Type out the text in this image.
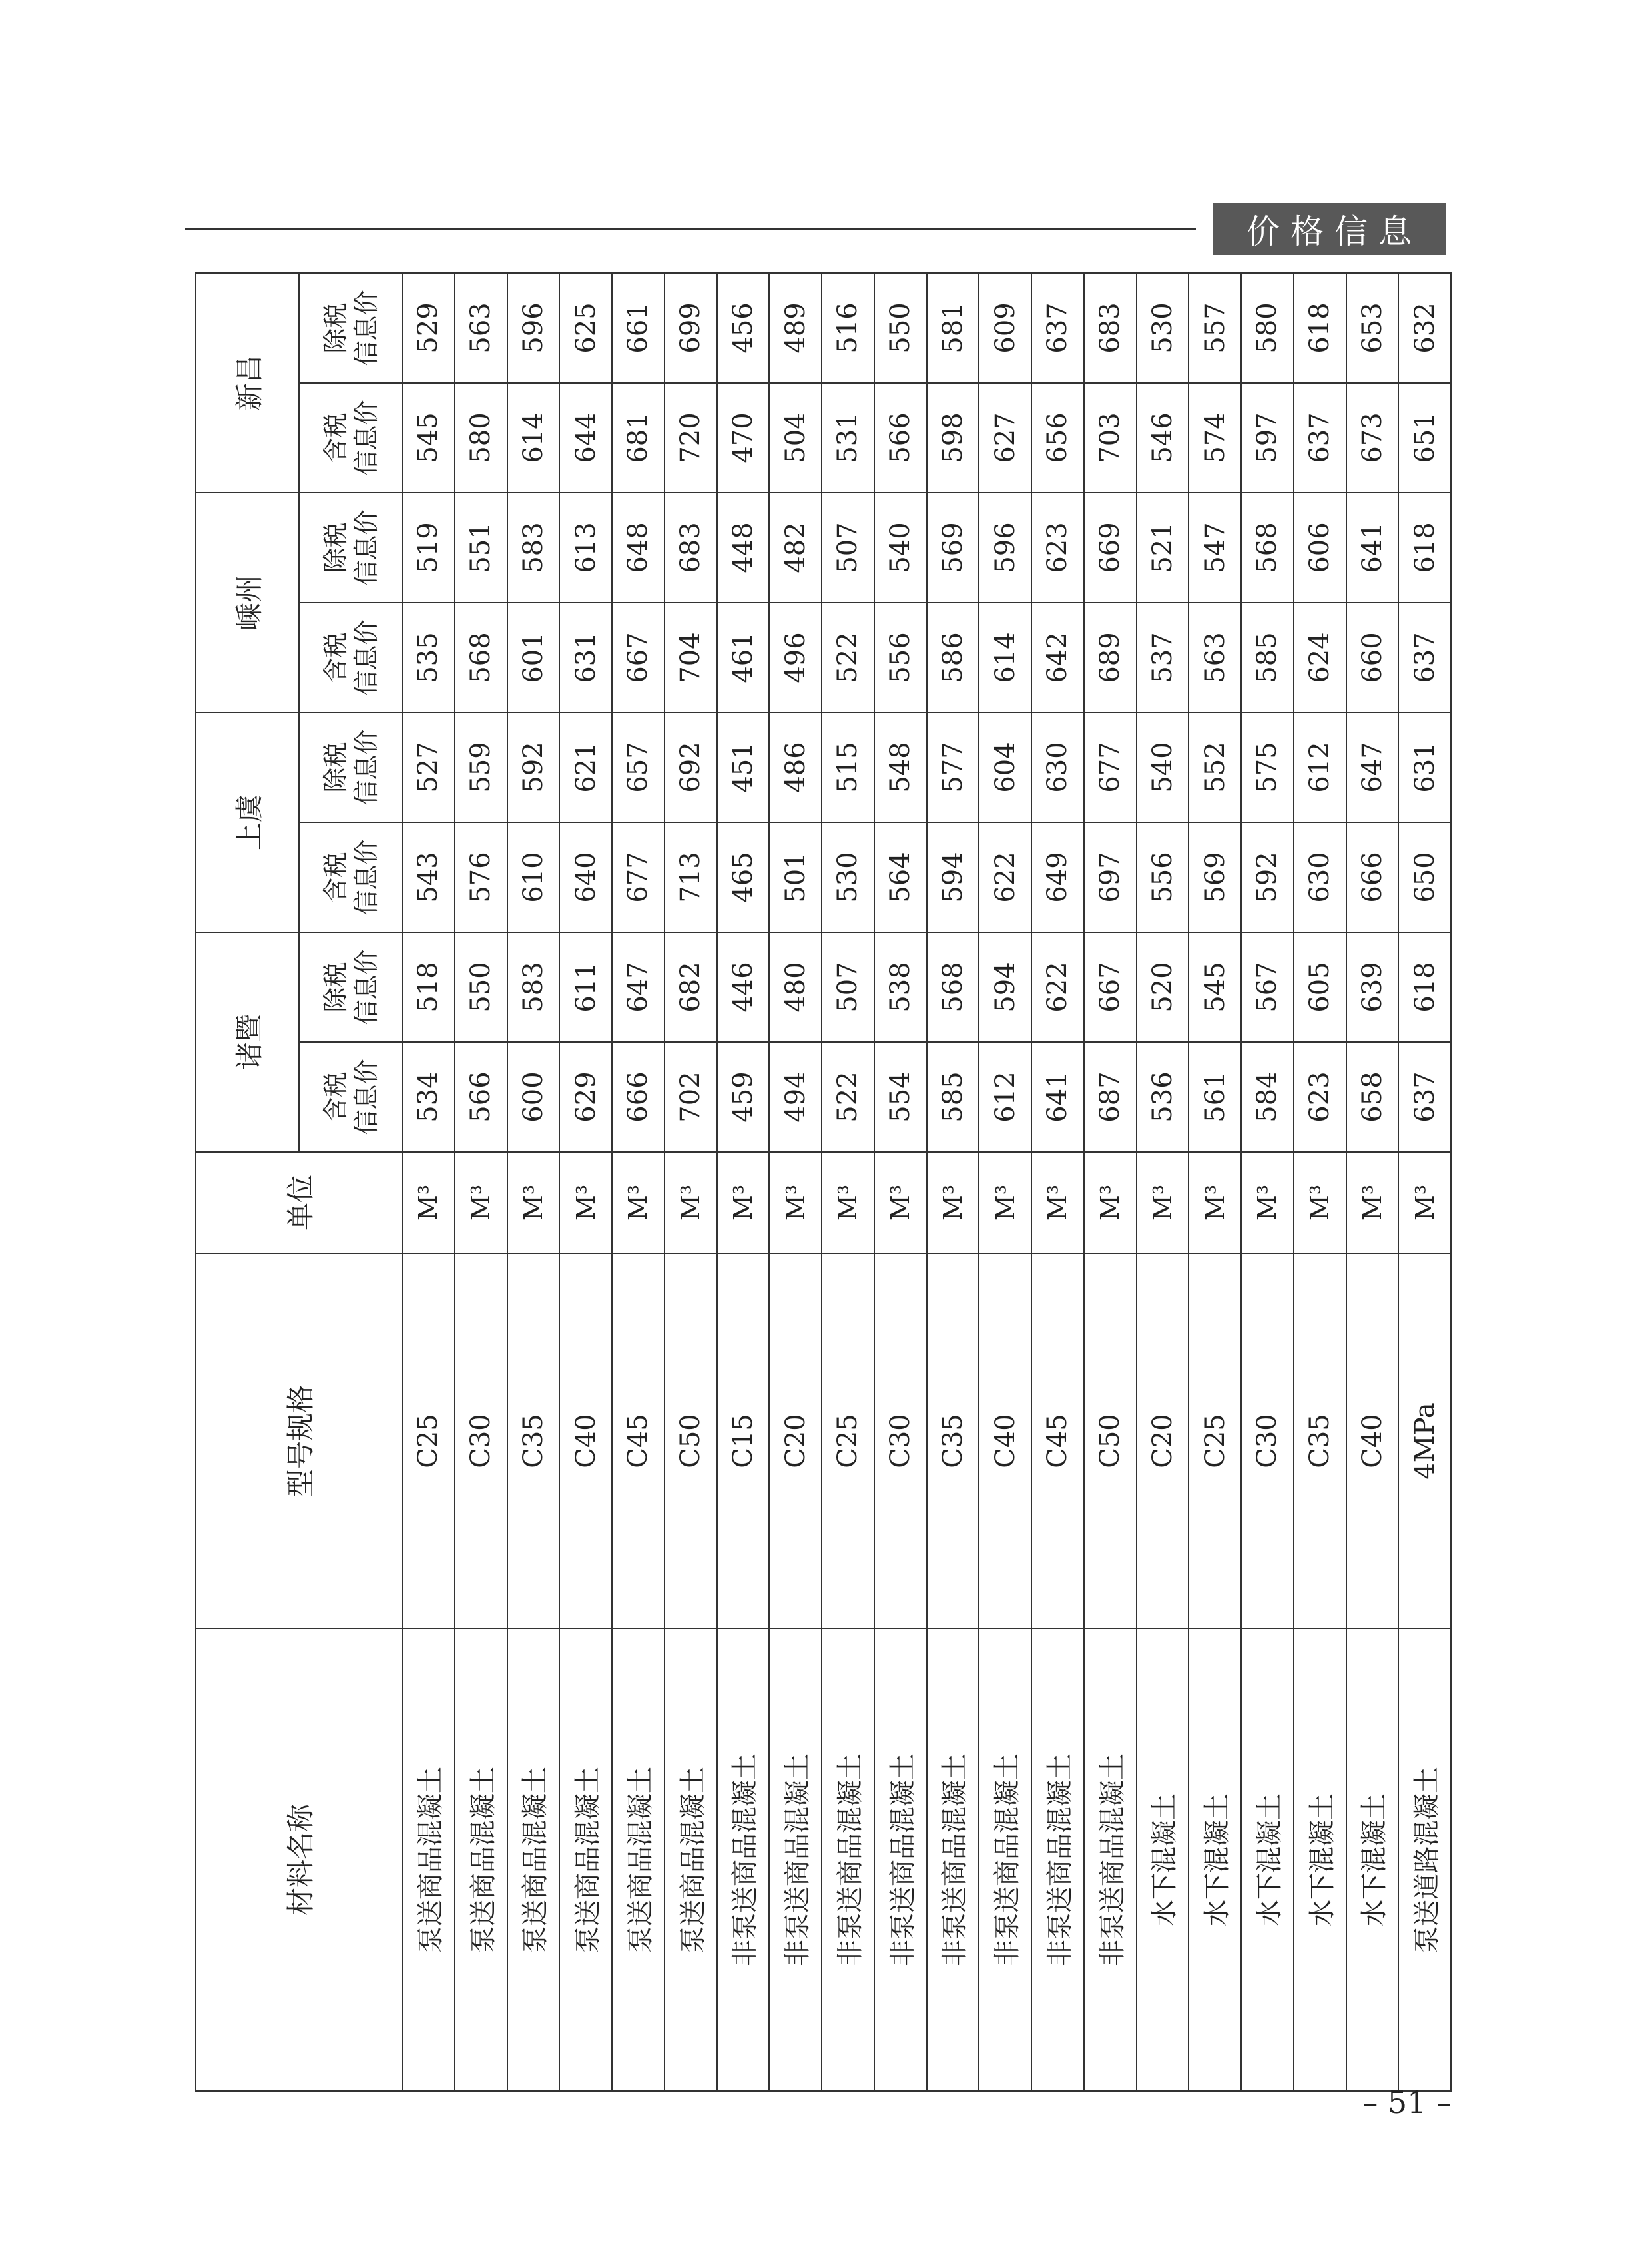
价格信息
材料名称	型号规格	单位	诸暨		上虞		嵊州		新昌	

			含税 信息价	除税 信息价	含税 信息价	除税 信息价	含税 信息价	除税 信息价	含税 信息价	除税 信息价

泵送商品混凝土	C25	M³	534	518	543	527	535	519	545	529
泵送商品混凝土	C30	M³	566	550	576	559	568	551	580	563
泵送商品混凝土	C35	M³	600	583	610	592	601	583	614	596
泵送商品混凝土	C40	M³	629	611	640	621	631	613	644	625
泵送商品混凝土	C45	M³	666	647	677	657	667	648	681	661
泵送商品混凝土	C50	M³	702	682	713	692	704	683	720	699
非泵送商品混凝土	C15	M³	459	446	465	451	461	448	470	456
非泵送商品混凝土	C20	M³	494	480	501	486	496	482	504	489
非泵送商品混凝土	C25	M³	522	507	530	515	522	507	531	516
非泵送商品混凝土	C30	M³	554	538	564	548	556	540	566	550
非泵送商品混凝土	C35	M³	585	568	594	577	586	569	598	581
非泵送商品混凝土	C40	M³	612	594	622	604	614	596	627	609
非泵送商品混凝土	C45	M³	641	622	649	630	642	623	656	637
非泵送商品混凝土	C50	M³	687	667	697	677	689	669	703	683
水下混凝土	C20	M³	536	520	556	540	537	521	546	530
水下混凝土	C25	M³	561	545	569	552	563	547	574	557
水下混凝土	C30	M³	584	567	592	575	585	568	597	580
水下混凝土	C35	M³	623	605	630	612	624	606	637	618
水下混凝土	C40	M³	658	639	666	647	660	641	673	653
泵送道路混凝土	4MPa	M³	637	618	650	631	637	618	651	632
– 51 –
